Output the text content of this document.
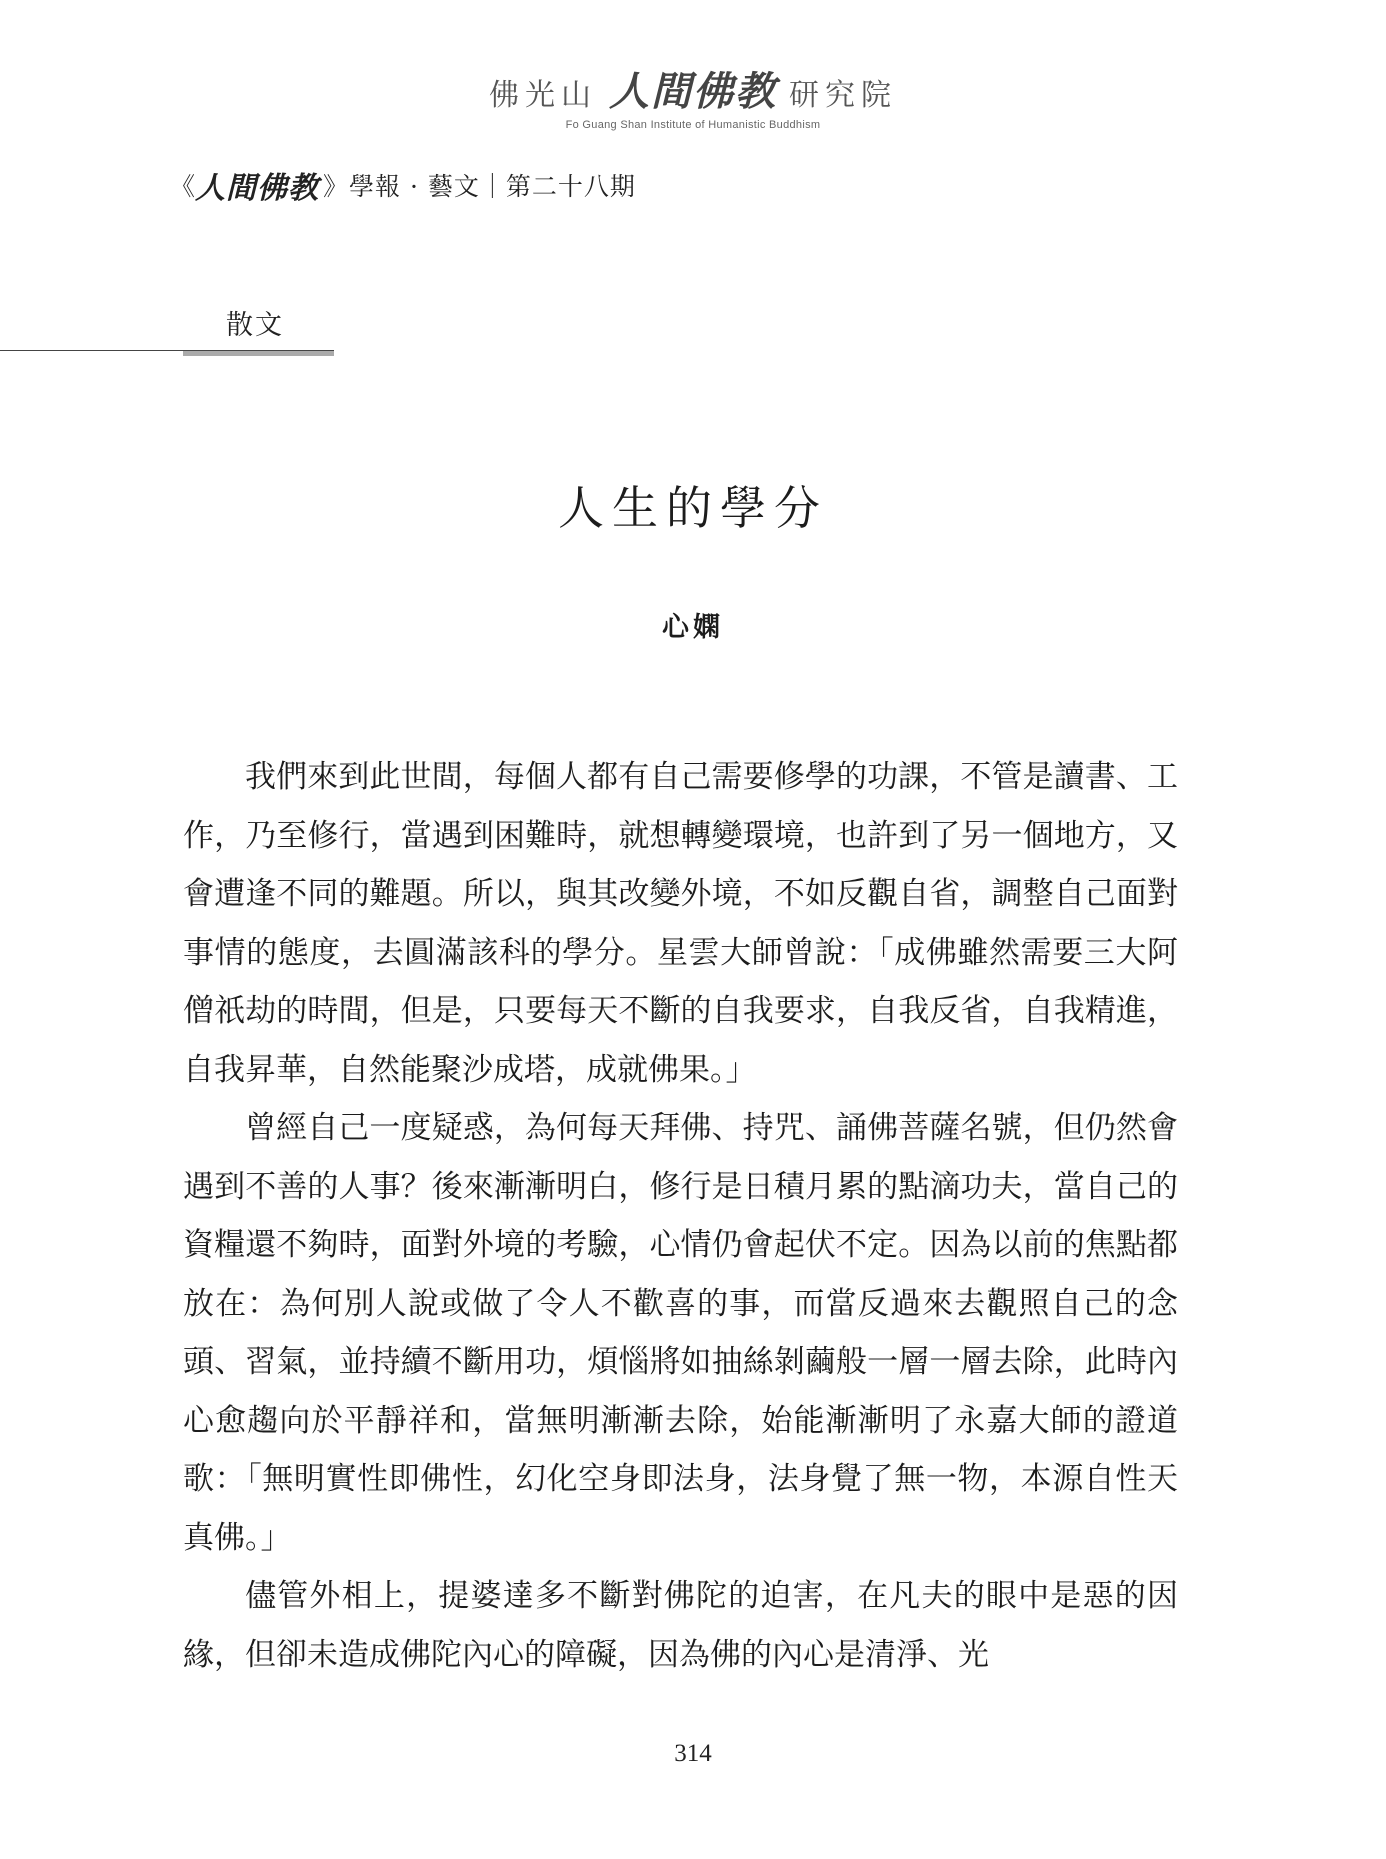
佛光山 人間佛教 研究院
Fo Guang Shan Institute of Humanistic Buddhism
《 人間佛教 》學報 · 藝文｜第二十八期
散文
人生的學分
心嫻

我們來到此世間，每個人都有自己需要修學的功課，不管是讀書、工作，乃至修行，當遇到困難時，就想轉變環境，也許到了另一個地方，又會遭逢不同的難題。所以，與其改變外境，不如反觀自省，調整自己面對事情的態度，去圓滿該科的學分。星雲大師曾說：「成佛雖然需要三大阿僧祇劫的時間，但是，只要每天不斷的自我要求，自我反省，自我精進，自我昇華，自然能聚沙成塔，成就佛果。」

曾經自己一度疑惑，為何每天拜佛、持咒、誦佛菩薩名號，但仍然會遇到不善的人事？後來漸漸明白，修行是日積月累的點滴功夫，當自己的資糧還不夠時，面對外境的考驗，心情仍會起伏不定。因為以前的焦點都放在：為何別人說或做了令人不歡喜的事，而當反過來去觀照自己的念頭、習氣，並持續不斷用功，煩惱將如抽絲剝繭般一層一層去除，此時內心愈趨向於平靜祥和，當無明漸漸去除，始能漸漸明了永嘉大師的證道歌：「無明實性即佛性，幻化空身即法身，法身覺了無一物，本源自性天真佛。」

儘管外相上，提婆達多不斷對佛陀的迫害，在凡夫的眼中是惡的因緣，但卻未造成佛陀內心的障礙，因為佛的內心是清淨、光

314
